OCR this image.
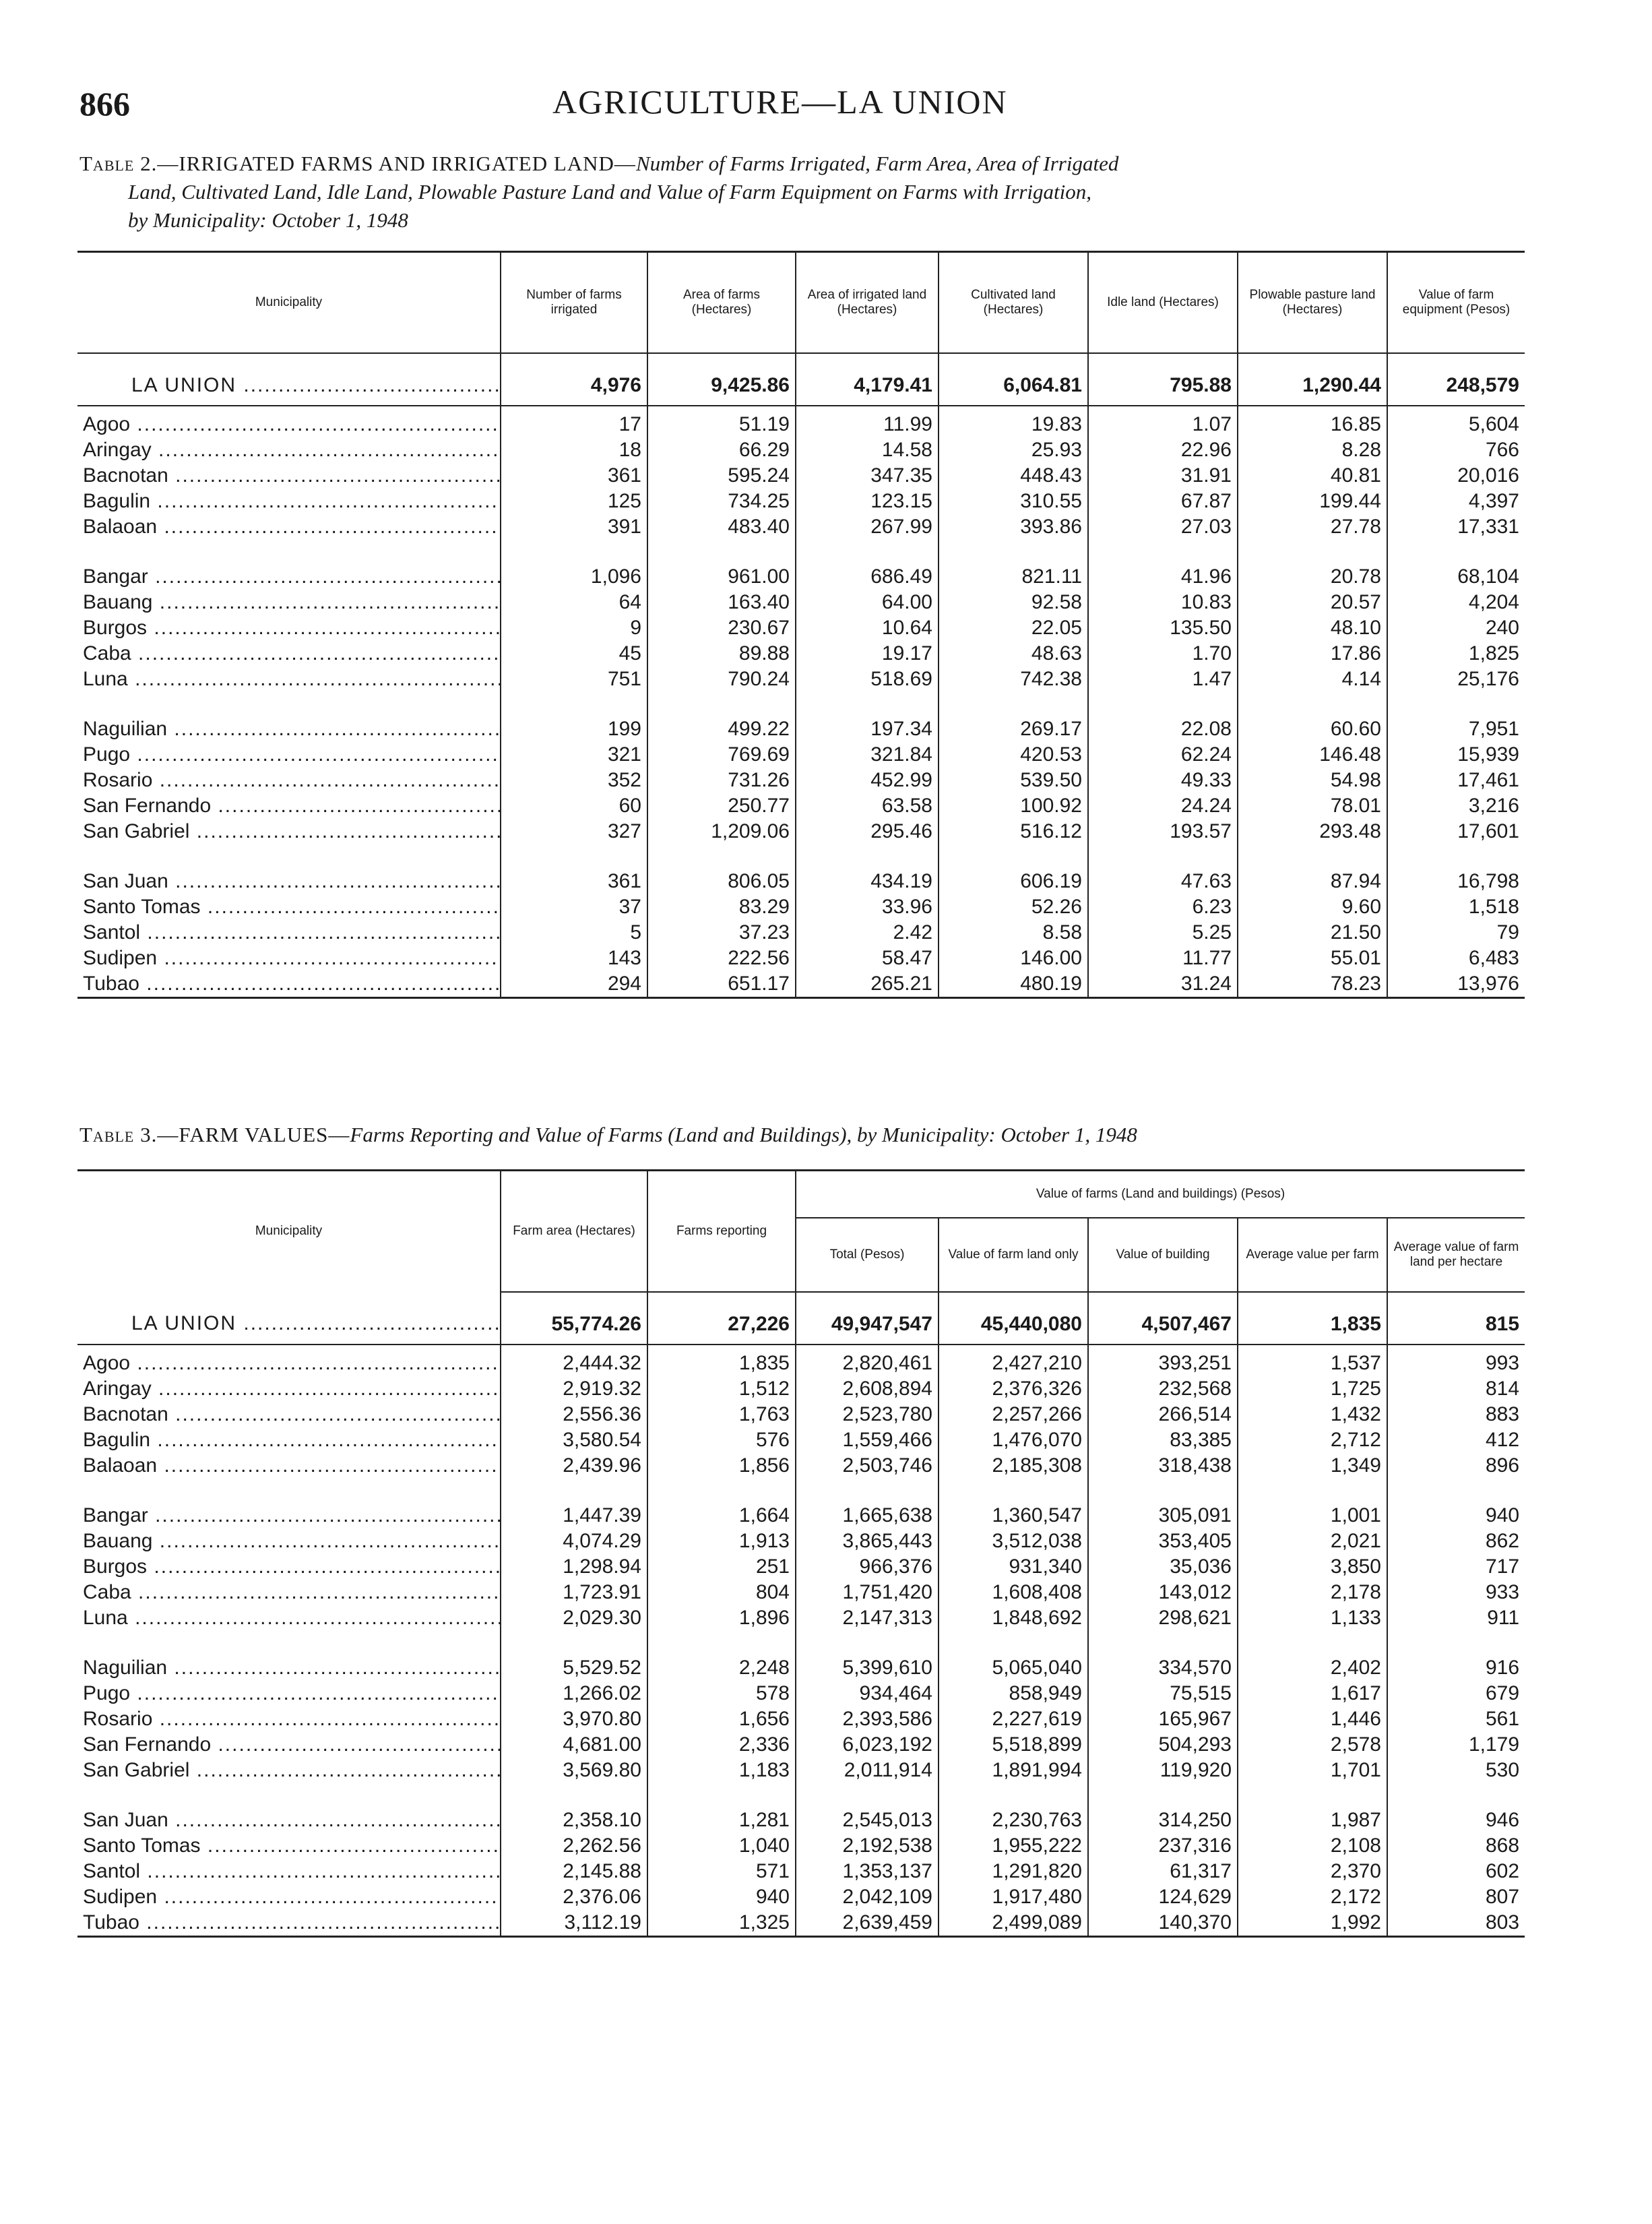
866	AGRICULTURE—LA UNION
Table 2.—IRRIGATED FARMS AND IRRIGATED LAND—Number of Farms Irrigated, Farm Area, Area of Irrigated
Land, Cultivated Land, Idle Land, Plowable Pasture Land and Value of Farm Equipment on Farms with Irrigation,
by Municipality: October 1, 1948
Municipality	Number of farms irrigated	Area of farms (Hectares)	Area of irrigated land (Hectares)	Cultivated land (Hectares)	Idle land (Hectares)	Plowable pasture land (Hectares)	Value of farm equipment (Pesos)
LA UNION .....	4,976	9,425.86	4,179.41	6,064.81	795.88	1,290.44	248,579
Agoo .....	17	51.19	11.99	19.83	1.07	16.85	5,604
Aringay .....	18	66.29	14.58	25.93	22.96	8.28	766
Bacnotan .....	361	595.24	347.35	448.43	31.91	40.81	20,016
Bagulin .....	125	734.25	123.15	310.55	67.87	199.44	4,397
Balaoan .....	391	483.40	267.99	393.86	27.03	27.78	17,331
Bangar .....	1,096	961.00	686.49	821.11	41.96	20.78	68,104
Bauang .....	64	163.40	64.00	92.58	10.83	20.57	4,204
Burgos .....	9	230.67	10.64	22.05	135.50	48.10	240
Caba .....	45	89.88	19.17	48.63	1.70	17.86	1,825
Luna .....	751	790.24	518.69	742.38	1.47	4.14	25,176
Naguilian .....	199	499.22	197.34	269.17	22.08	60.60	7,951
Pugo .....	321	769.69	321.84	420.53	62.24	146.48	15,939
Rosario .....	352	731.26	452.99	539.50	49.33	54.98	17,461
San Fernando .....	60	250.77	63.58	100.92	24.24	78.01	3,216
San Gabriel .....	327	1,209.06	295.46	516.12	193.57	293.48	17,601
San Juan .....	361	806.05	434.19	606.19	47.63	87.94	16,798
Santo Tomas .....	37	83.29	33.96	52.26	6.23	9.60	1,518
Santol .....	5	37.23	2.42	8.58	5.25	21.50	79
Sudipen .....	143	222.56	58.47	146.00	11.77	55.01	6,483
Tubao .....	294	651.17	265.21	480.19	31.24	78.23	13,976
Table 3.—FARM VALUES—Farms Reporting and Value of Farms (Land and Buildings), by Municipality: October 1, 1948
Municipality	Farm area (Hectares)	Farms reporting	Value of farms (Land and buildings) (Pesos)				
			Total (Pesos)	Value of farm land only	Value of building	Average value per farm	Average value of farm land per hectare
LA UNION .....	55,774.26	27,226	49,947,547	45,440,080	4,507,467	1,835	815
Agoo .....	2,444.32	1,835	2,820,461	2,427,210	393,251	1,537	993
Aringay .....	2,919.32	1,512	2,608,894	2,376,326	232,568	1,725	814
Bacnotan .....	2,556.36	1,763	2,523,780	2,257,266	266,514	1,432	883
Bagulin .....	3,580.54	576	1,559,466	1,476,070	83,385	2,712	412
Balaoan .....	2,439.96	1,856	2,503,746	2,185,308	318,438	1,349	896
Bangar .....	1,447.39	1,664	1,665,638	1,360,547	305,091	1,001	940
Bauang .....	4,074.29	1,913	3,865,443	3,512,038	353,405	2,021	862
Burgos .....	1,298.94	251	966,376	931,340	35,036	3,850	717
Caba .....	1,723.91	804	1,751,420	1,608,408	143,012	2,178	933
Luna .....	2,029.30	1,896	2,147,313	1,848,692	298,621	1,133	911
Naguilian .....	5,529.52	2,248	5,399,610	5,065,040	334,570	2,402	916
Pugo .....	1,266.02	578	934,464	858,949	75,515	1,617	679
Rosario .....	3,970.80	1,656	2,393,586	2,227,619	165,967	1,446	561
San Fernando .....	4,681.00	2,336	6,023,192	5,518,899	504,293	2,578	1,179
San Gabriel .....	3,569.80	1,183	2,011,914	1,891,994	119,920	1,701	530
San Juan .....	2,358.10	1,281	2,545,013	2,230,763	314,250	1,987	946
Santo Tomas .....	2,262.56	1,040	2,192,538	1,955,222	237,316	2,108	868
Santol .....	2,145.88	571	1,353,137	1,291,820	61,317	2,370	602
Sudipen .....	2,376.06	940	2,042,109	1,917,480	124,629	2,172	807
Tubao .....	3,112.19	1,325	2,639,459	2,499,089	140,370	1,992	803
